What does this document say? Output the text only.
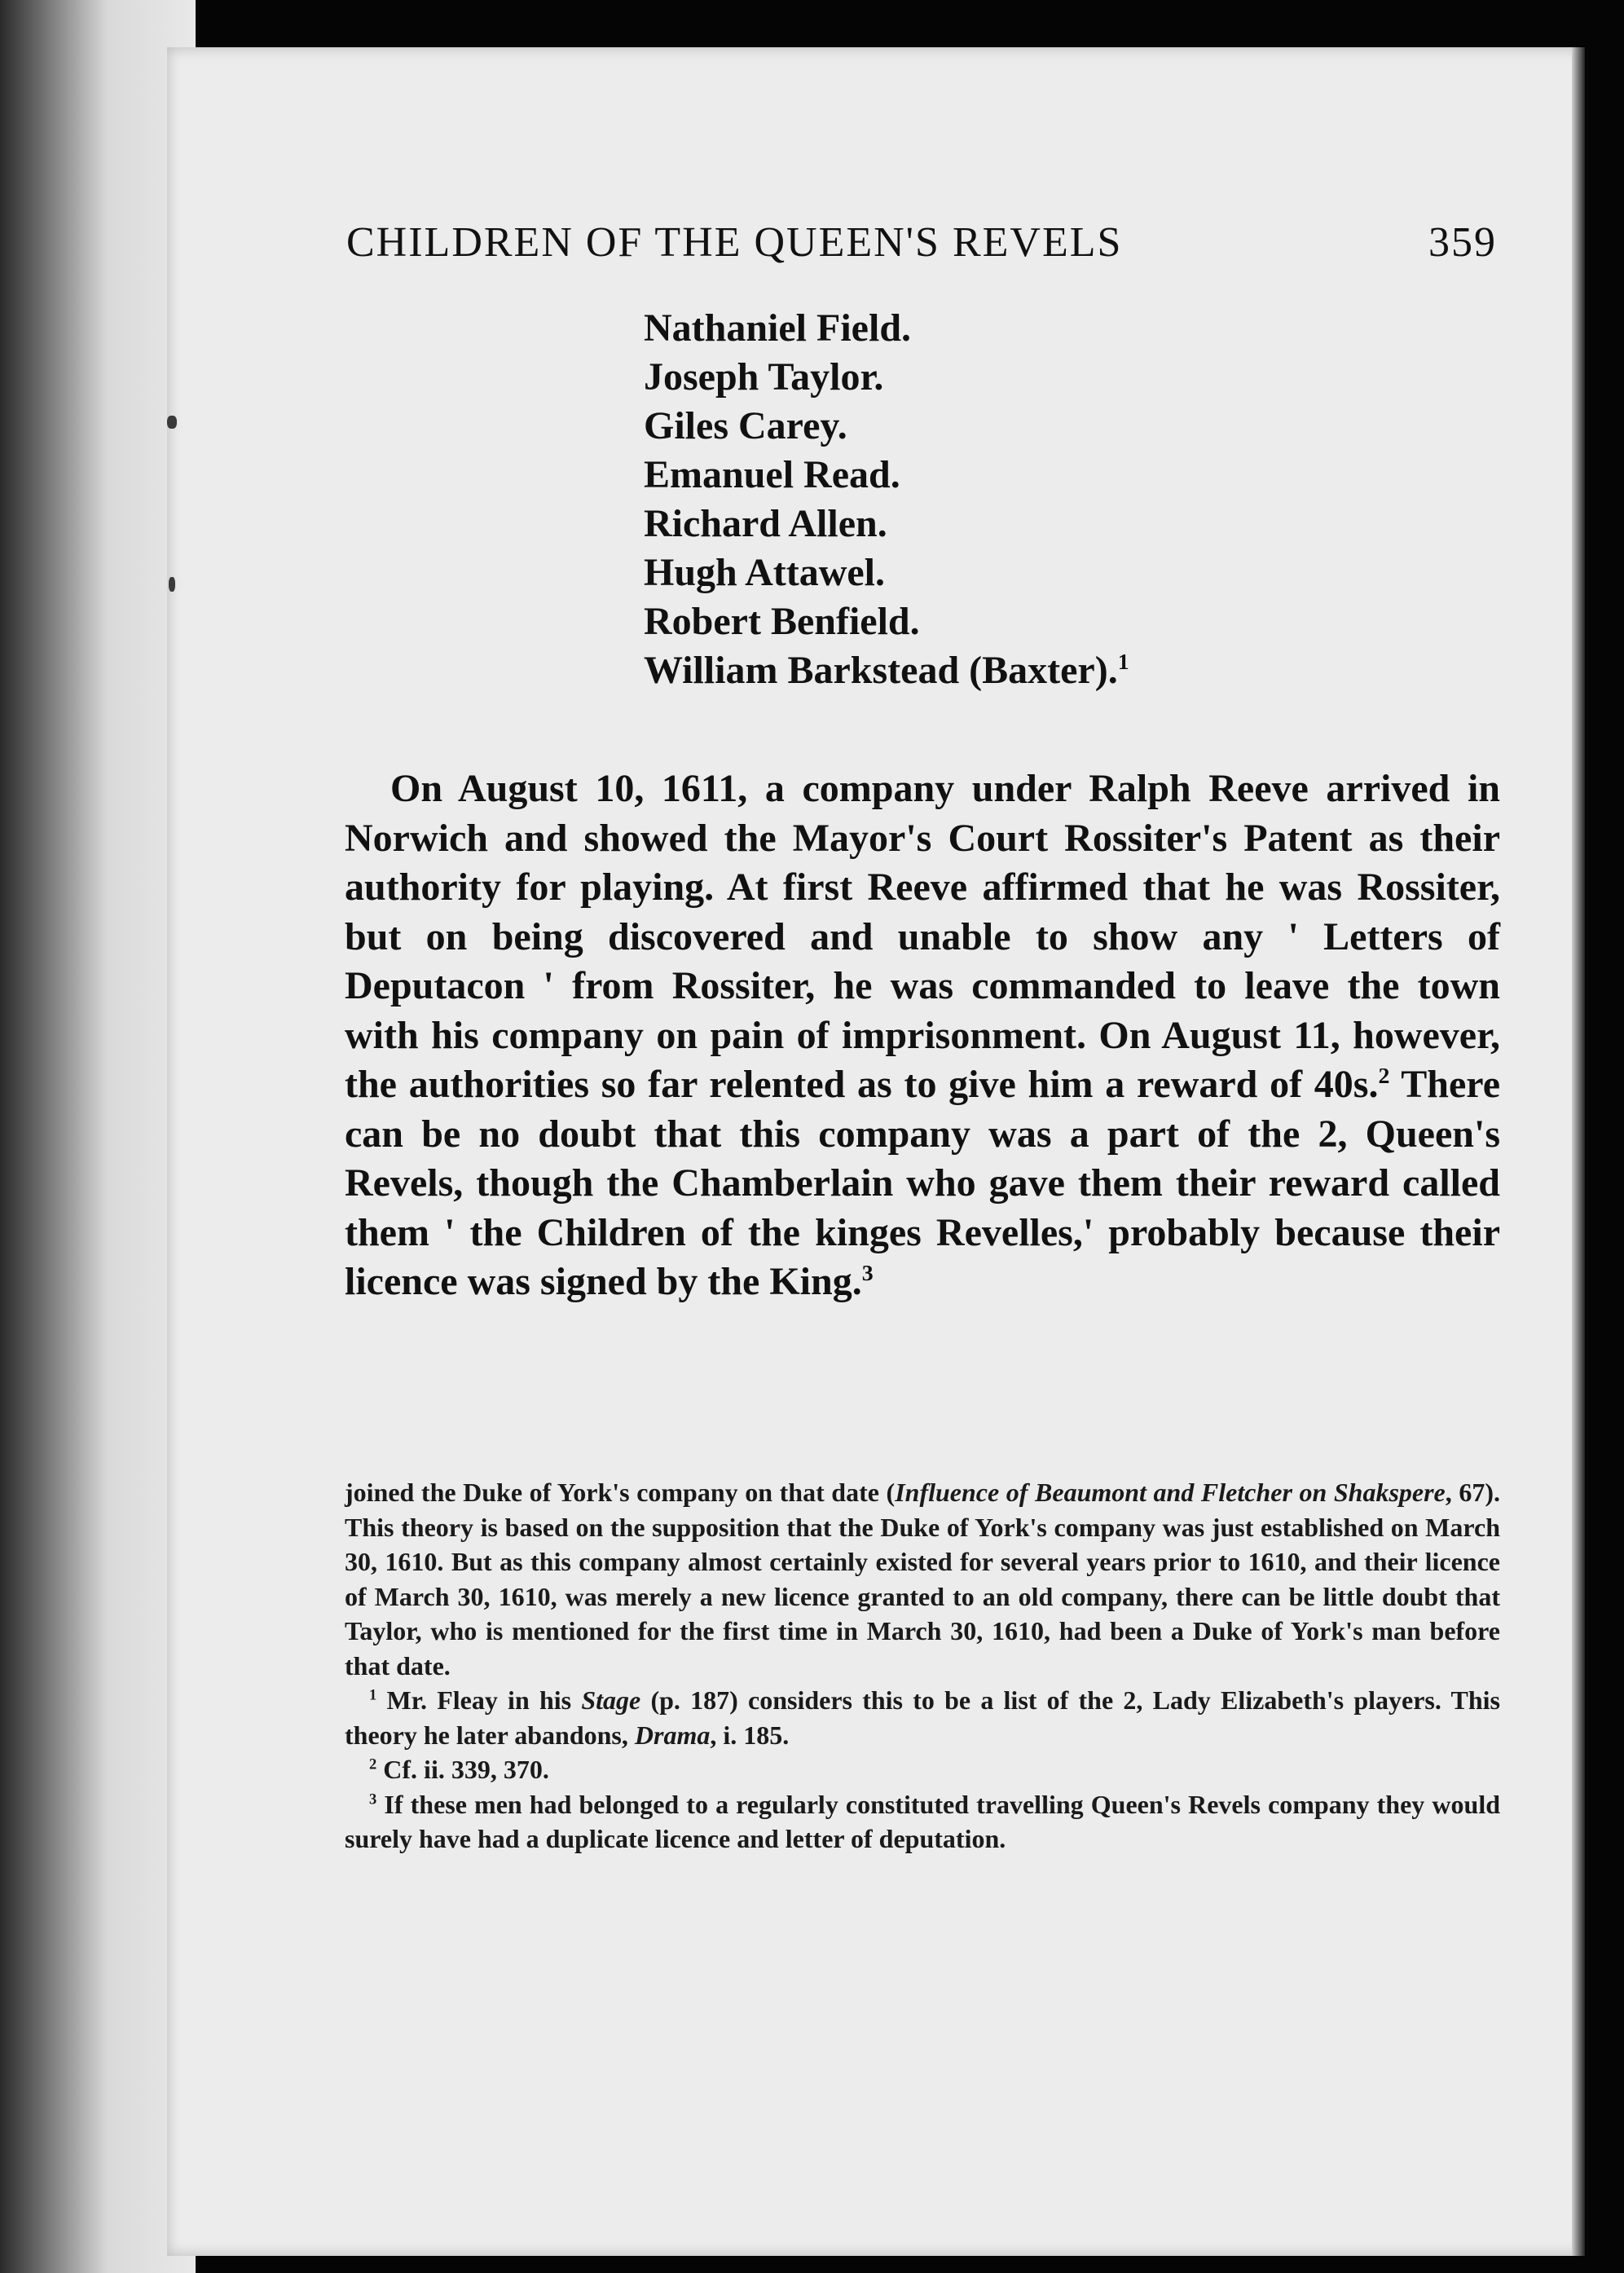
CHILDREN OF THE QUEEN'S REVELS	359
Nathaniel Field.
Joseph Taylor.
Giles Carey.
Emanuel Read.
Richard Allen.
Hugh Attawel.
Robert Benfield.
William Barkstead (Baxter).$^1$

On August 10, 1611, a company under Ralph Reeve arrived in Norwich and showed the Mayor's Court Rossiter's Patent as their authority for playing. At first Reeve affirmed that he was Rossiter, but on being discovered and unable to show any ' Letters of Deputacon ' from Rossiter, he was commanded to leave the town with his company on pain of imprisonment. On August 11, however, the authorities so far relented as to give him a reward of 40s.$^2$ There can be no doubt that this company was a part of the 2, Queen's Revels, though the Chamberlain who gave them their reward called them ' the Children of the kinges Revelles,' probably because their licence was signed by the King.$^3$

joined the Duke of York's company on that date (Influence of Beaumont and Fletcher on Shakspere, 67). This theory is based on the supposition that the Duke of York's company was just established on March 30, 1610. But as this company almost certainly existed for several years prior to 1610, and their licence of March 30, 1610, was merely a new licence granted to an old company, there can be little doubt that Taylor, who is mentioned for the first time in March 30, 1610, had been a Duke of York's man before that date.

$^1$ Mr. Fleay in his Stage (p. 187) considers this to be a list of the 2, Lady Elizabeth's players. This theory he later abandons, Drama, i. 185.

$^2$ Cf. ii. 339, 370.

$^3$ If these men had belonged to a regularly constituted travelling Queen's Revels company they would surely have had a duplicate licence and letter of deputation.
